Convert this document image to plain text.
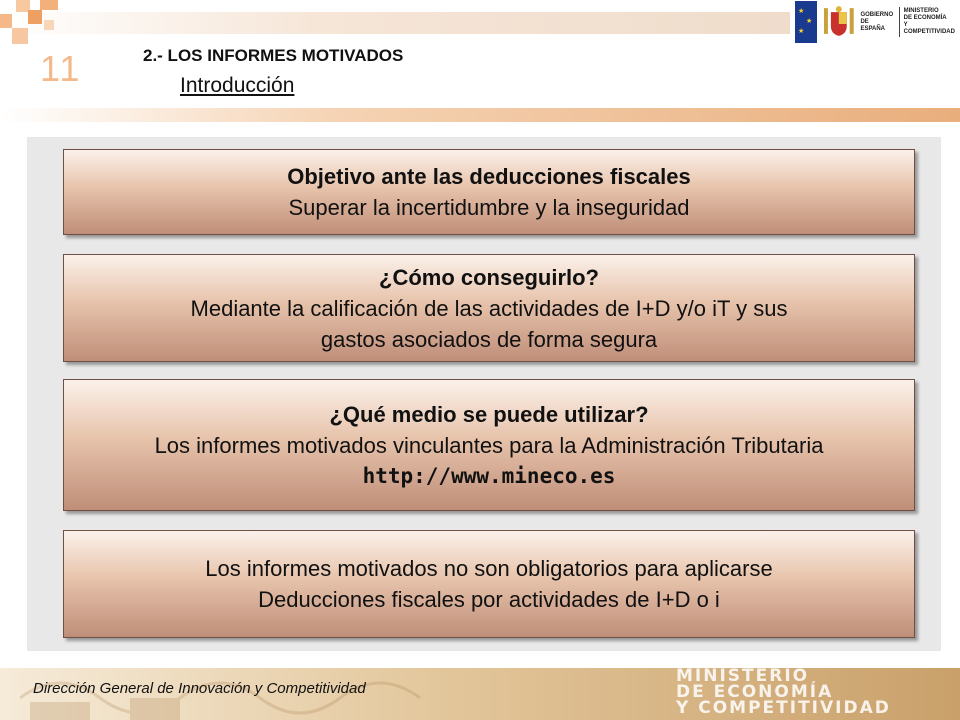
11	2.- LOS INFORMES MOTIVADOS
Introducción
★
★
★
GOBIERNO
DE ESPAÑA
MINISTERIO
DE ECONOMÍA
Y COMPETITIVIDAD
Objetivo ante las deducciones fiscales
Superar la incertidumbre y la inseguridad
¿Cómo conseguirlo?
Mediante la calificación de las actividades de I+D y/o iT y sus
gastos asociados de forma segura
¿Qué medio se puede utilizar?
Los informes motivados vinculantes para la Administración Tributaria
http://www.mineco.es
Los informes motivados no son obligatorios para aplicarse
Deducciones fiscales por actividades de I+D o i
Dirección General de Innovación y Competitividad
MINISTERIO
DE ECONOMÍA
Y COMPETITIVIDAD
